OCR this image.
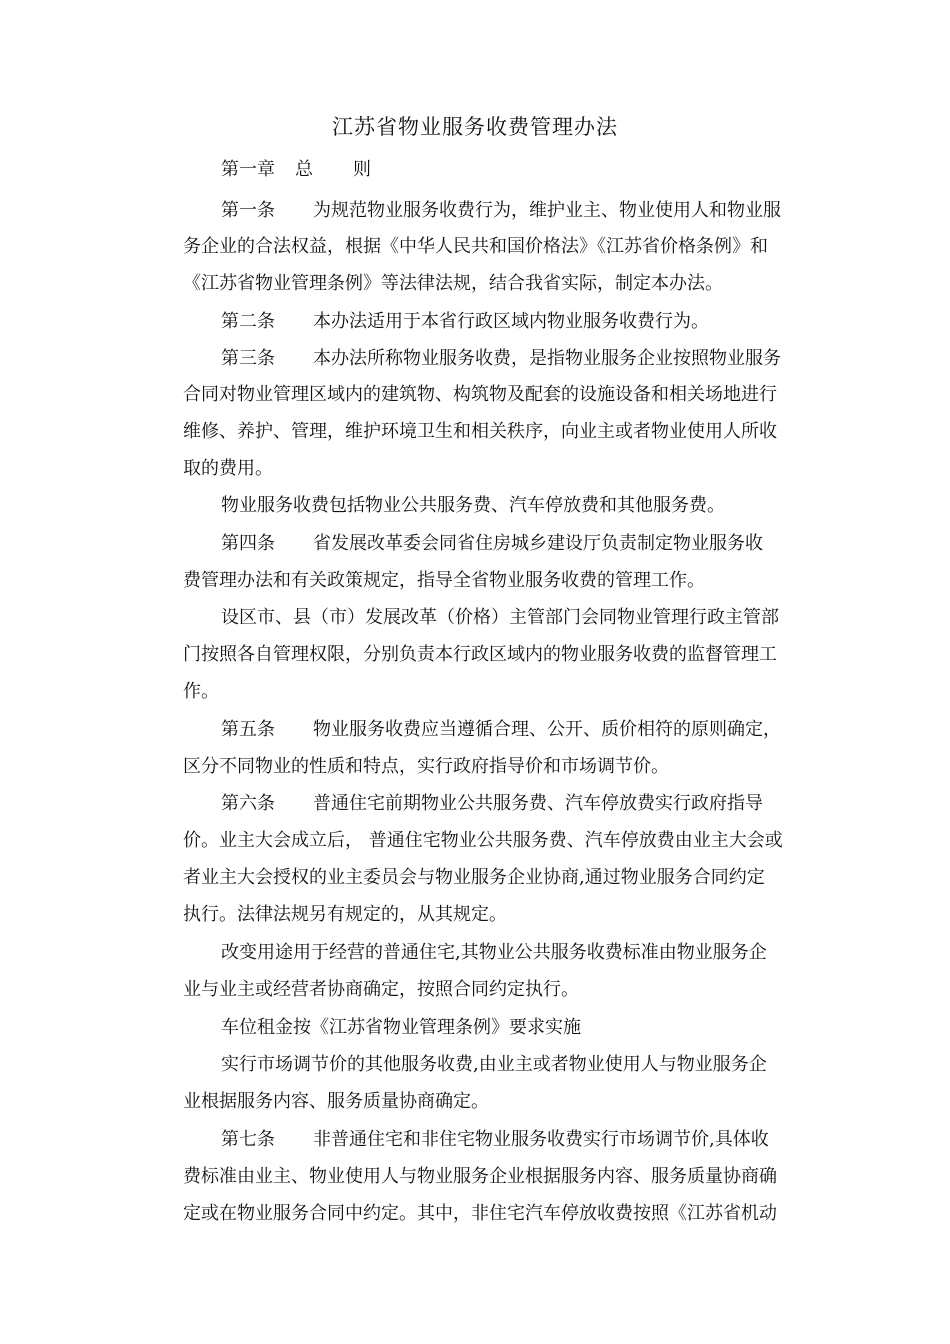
江苏省物业服务收费管理办法
第一章 总 则
第一条 为规范物业服务收费行为，维护业主、物业使用人和物业服
务企业的合法权益，根据《中华人民共和国价格法》《江苏省价格条例》和
《江苏省物业管理条例》等法律法规，结合我省实际，制定本办法。
第二条 本办法适用于本省行政区域内物业服务收费行为。
第三条 本办法所称物业服务收费，是指物业服务企业按照物业服务
合同对物业管理区域内的建筑物、构筑物及配套的设施设备和相关场地进行
维修、养护、管理，维护环境卫生和相关秩序，向业主或者物业使用人所收
取的费用。
物业服务收费包括物业公共服务费、汽车停放费和其他服务费。
第四条 省发展改革委会同省住房城乡建设厅负责制定物业服务收
费管理办法和有关政策规定，指导全省物业服务收费的管理工作。
设区市、县（市）发展改革（价格）主管部门会同物业管理行政主管部
门按照各自管理权限，分别负责本行政区域内的物业服务收费的监督管理工
作。
第五条 物业服务收费应当遵循合理、公开、质价相符的原则确定，
区分不同物业的性质和特点，实行政府指导价和市场调节价。
第六条 普通住宅前期物业公共服务费、汽车停放费实行政府指导
价。业主大会成立后， 普通住宅物业公共服务费、汽车停放费由业主大会或
者业主大会授权的业主委员会与物业服务企业协商,通过物业服务合同约定
执行。法律法规另有规定的，从其规定。
改变用途用于经营的普通住宅,其物业公共服务收费标准由物业服务企
业与业主或经营者协商确定，按照合同约定执行。
车位租金按《江苏省物业管理条例》要求实施
实行市场调节价的其他服务收费,由业主或者物业使用人与物业服务企
业根据服务内容、服务质量协商确定。
第七条 非普通住宅和非住宅物业服务收费实行市场调节价,具体收
费标准由业主、物业使用人与物业服务企业根据服务内容、服务质量协商确
定或在物业服务合同中约定。其中，非住宅汽车停放收费按照《江苏省机动
